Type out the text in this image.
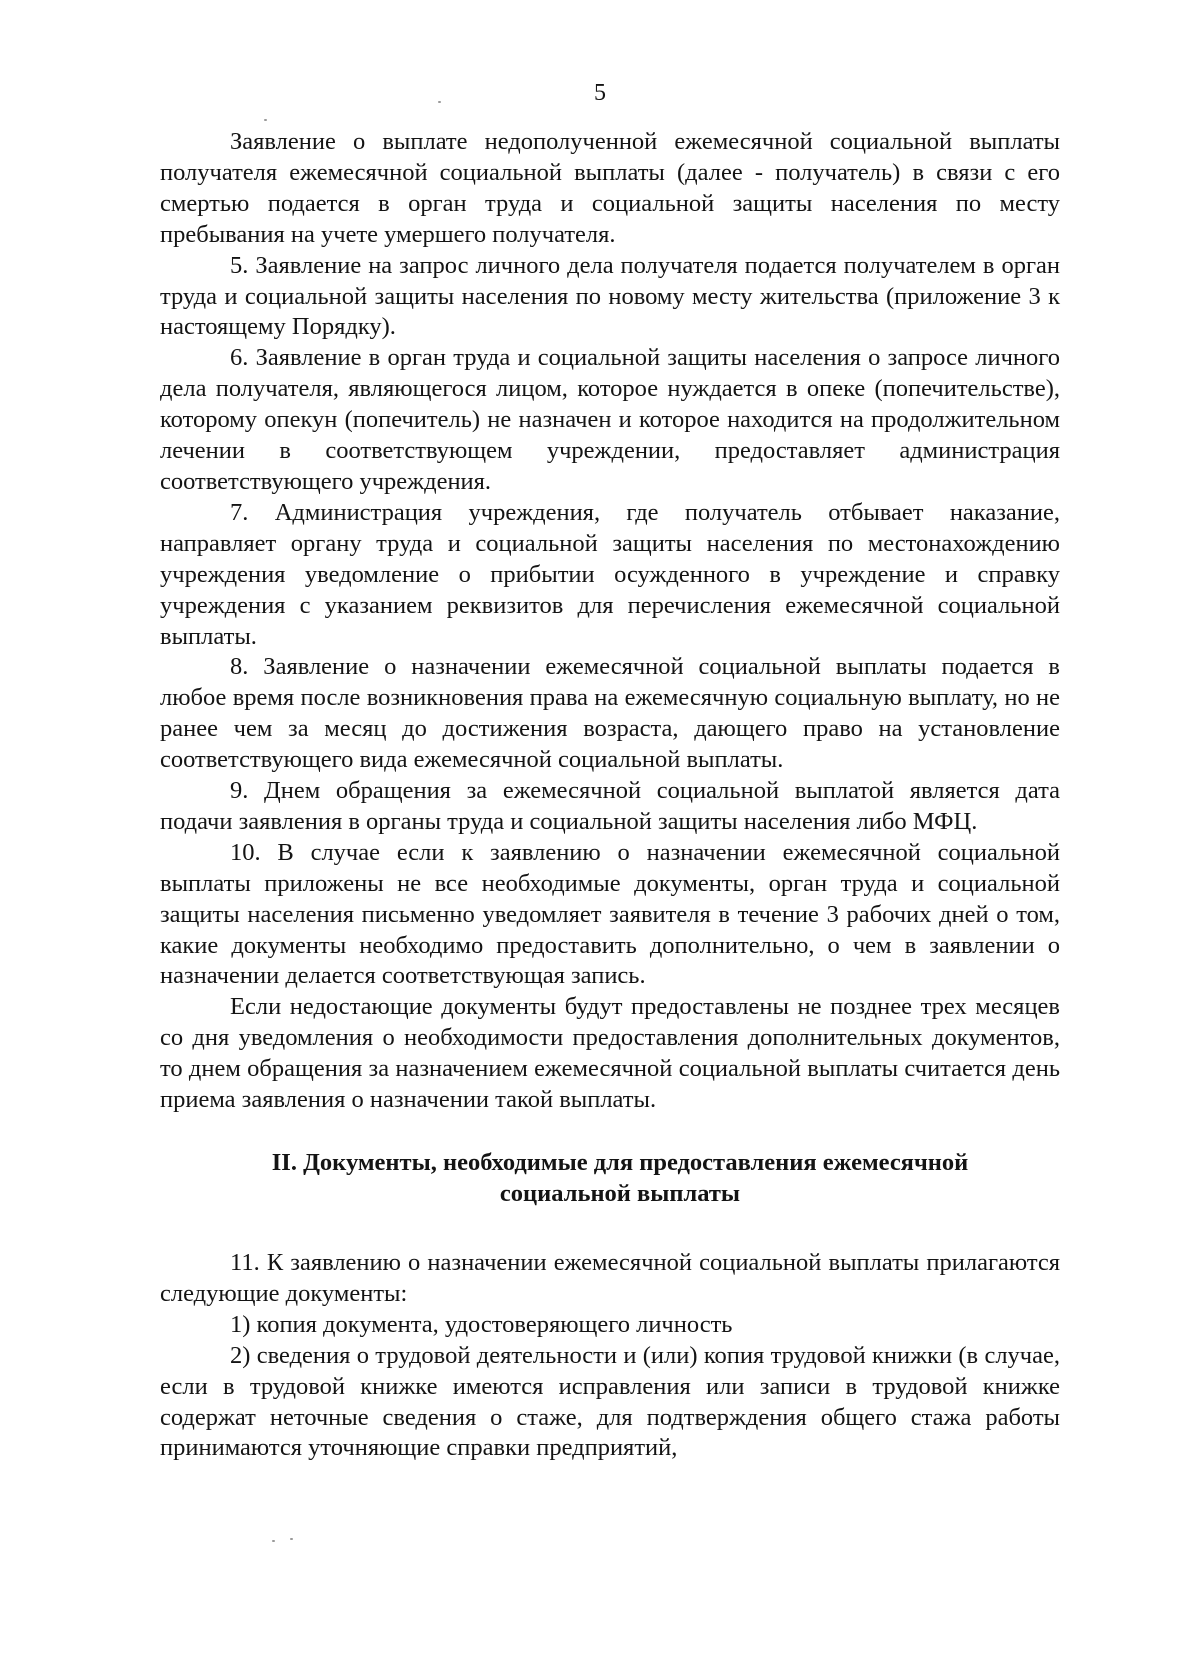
5

Заявление о выплате недополученной ежемесячной социальной выплаты получателя ежемесячной социальной выплаты (далее - получатель) в связи с его смертью подается в орган труда и социальной защиты населения по месту пребывания на учете умершего получателя.

5. Заявление на запрос личного дела получателя подается получателем в орган труда и социальной защиты населения по новому месту жительства (приложение 3 к настоящему Порядку).

6. Заявление в орган труда и социальной защиты населения о запросе личного дела получателя, являющегося лицом, которое нуждается в опеке (попечительстве), которому опекун (попечитель) не назначен и которое находится на продолжительном лечении в соответствующем учреждении, предоставляет администрация соответствующего учреждения.

7. Администрация учреждения, где получатель отбывает наказание, направляет органу труда и социальной защиты населения по местонахождению учреждения уведомление о прибытии осужденного в учреждение и справку учреждения с указанием реквизитов для перечисления ежемесячной социальной выплаты.

8. Заявление о назначении ежемесячной социальной выплаты подается в любое время после возникновения права на ежемесячную социальную выплату, но не ранее чем за месяц до достижения возраста, дающего право на установление соответствующего вида ежемесячной социальной выплаты.

9. Днем обращения за ежемесячной социальной выплатой является дата подачи заявления в органы труда и социальной защиты населения либо МФЦ.

10. В случае если к заявлению о назначении ежемесячной социальной выплаты приложены не все необходимые документы, орган труда и социальной защиты населения письменно уведомляет заявителя в течение 3 рабочих дней о том, какие документы необходимо предоставить дополнительно, о чем в заявлении о назначении делается соответствующая запись.

Если недостающие документы будут предоставлены не позднее трех месяцев со дня уведомления о необходимости предоставления дополнительных документов, то днем обращения за назначением ежемесячной социальной выплаты считается день приема заявления о назначении такой выплаты.

II. Документы, необходимые для предоставления ежемесячной социальной выплаты

11. К заявлению о назначении ежемесячной социальной выплаты прилагаются следующие документы:

1) копия документа, удостоверяющего личность

2) сведения о трудовой деятельности и (или) копия трудовой книжки (в случае, если в трудовой книжке имеются исправления или записи в трудовой книжке содержат неточные сведения о стаже, для подтверждения общего стажа работы принимаются уточняющие справки предприятий,
